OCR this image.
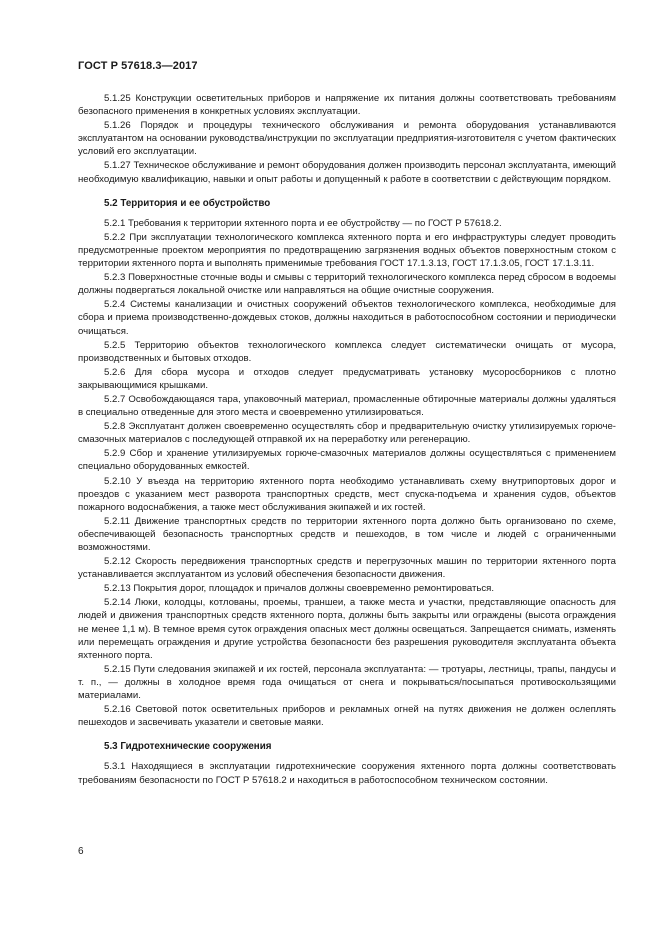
ГОСТ Р 57618.3—2017

5.1.25 Конструкции осветительных приборов и напряжение их питания должны соответствовать требованиям безопасного применения в конкретных условиях эксплуатации.

5.1.26 Порядок и процедуры технического обслуживания и ремонта оборудования устанавливаются эксплуатантом на основании руководства/инструкции по эксплуатации предприятия-изготовителя с учетом фактических условий его эксплуатации.

5.1.27 Техническое обслуживание и ремонт оборудования должен производить персонал эксплуатанта, имеющий необходимую квалификацию, навыки и опыт работы и допущенный к работе в соответствии с действующим порядком.

5.2 Территория и ее обустройство

5.2.1 Требования к территории яхтенного порта и ее обустройству — по ГОСТ Р 57618.2.

5.2.2 При эксплуатации технологического комплекса яхтенного порта и его инфраструктуры следует проводить предусмотренные проектом мероприятия по предотвращению загрязнения водных объектов поверхностным стоком с территории яхтенного порта и выполнять применимые требования ГОСТ 17.1.3.13, ГОСТ 17.1.3.05, ГОСТ 17.1.3.11.

5.2.3 Поверхностные сточные воды и смывы с территорий технологического комплекса перед сбросом в водоемы должны подвергаться локальной очистке или направляться на общие очистные сооружения.

5.2.4 Системы канализации и очистных сооружений объектов технологического комплекса, необходимые для сбора и приема производственно-дождевых стоков, должны находиться в работоспособном состоянии и периодически очищаться.

5.2.5 Территорию объектов технологического комплекса следует систематически очищать от мусора, производственных и бытовых отходов.

5.2.6 Для сбора мусора и отходов следует предусматривать установку мусоросборников с плотно закрывающимися крышками.

5.2.7 Освобождающаяся тара, упаковочный материал, промасленные обтирочные материалы должны удаляться в специально отведенные для этого места и своевременно утилизироваться.

5.2.8 Эксплуатант должен своевременно осуществлять сбор и предварительную очистку утилизируемых горюче-смазочных материалов с последующей отправкой их на переработку или регенерацию.

5.2.9 Сбор и хранение утилизируемых горюче-смазочных материалов должны осуществляться с применением специально оборудованных емкостей.

5.2.10 У въезда на территорию яхтенного порта необходимо устанавливать схему внутрипортовых дорог и проездов с указанием мест разворота транспортных средств, мест спуска-подъема и хранения судов, объектов пожарного водоснабжения, а также мест обслуживания экипажей и их гостей.

5.2.11 Движение транспортных средств по территории яхтенного порта должно быть организовано по схеме, обеспечивающей безопасность транспортных средств и пешеходов, в том числе и людей с ограниченными возможностями.

5.2.12 Скорость передвижения транспортных средств и перегрузочных машин по территории яхтенного порта устанавливается эксплуатантом из условий обеспечения безопасности движения.

5.2.13 Покрытия дорог, площадок и причалов должны своевременно ремонтироваться.

5.2.14 Люки, колодцы, котлованы, проемы, траншеи, а также места и участки, представляющие опасность для людей и движения транспортных средств яхтенного порта, должны быть закрыты или ограждены (высота ограждения не менее 1,1 м). В темное время суток ограждения опасных мест должны освещаться. Запрещается снимать, изменять или перемещать ограждения и другие устройства безопасности без разрешения руководителя эксплуатанта объекта яхтенного порта.

5.2.15 Пути следования экипажей и их гостей, персонала эксплуатанта: — тротуары, лестницы, трапы, пандусы и т. п., — должны в холодное время года очищаться от снега и покрываться/посыпаться противоскользящими материалами.

5.2.16 Световой поток осветительных приборов и рекламных огней на путях движения не должен ослеплять пешеходов и засвечивать указатели и световые маяки.

5.3 Гидротехнические сооружения

5.3.1 Находящиеся в эксплуатации гидротехнические сооружения яхтенного порта должны соответствовать требованиям безопасности по ГОСТ Р 57618.2 и находиться в работоспособном техническом состоянии.

6
